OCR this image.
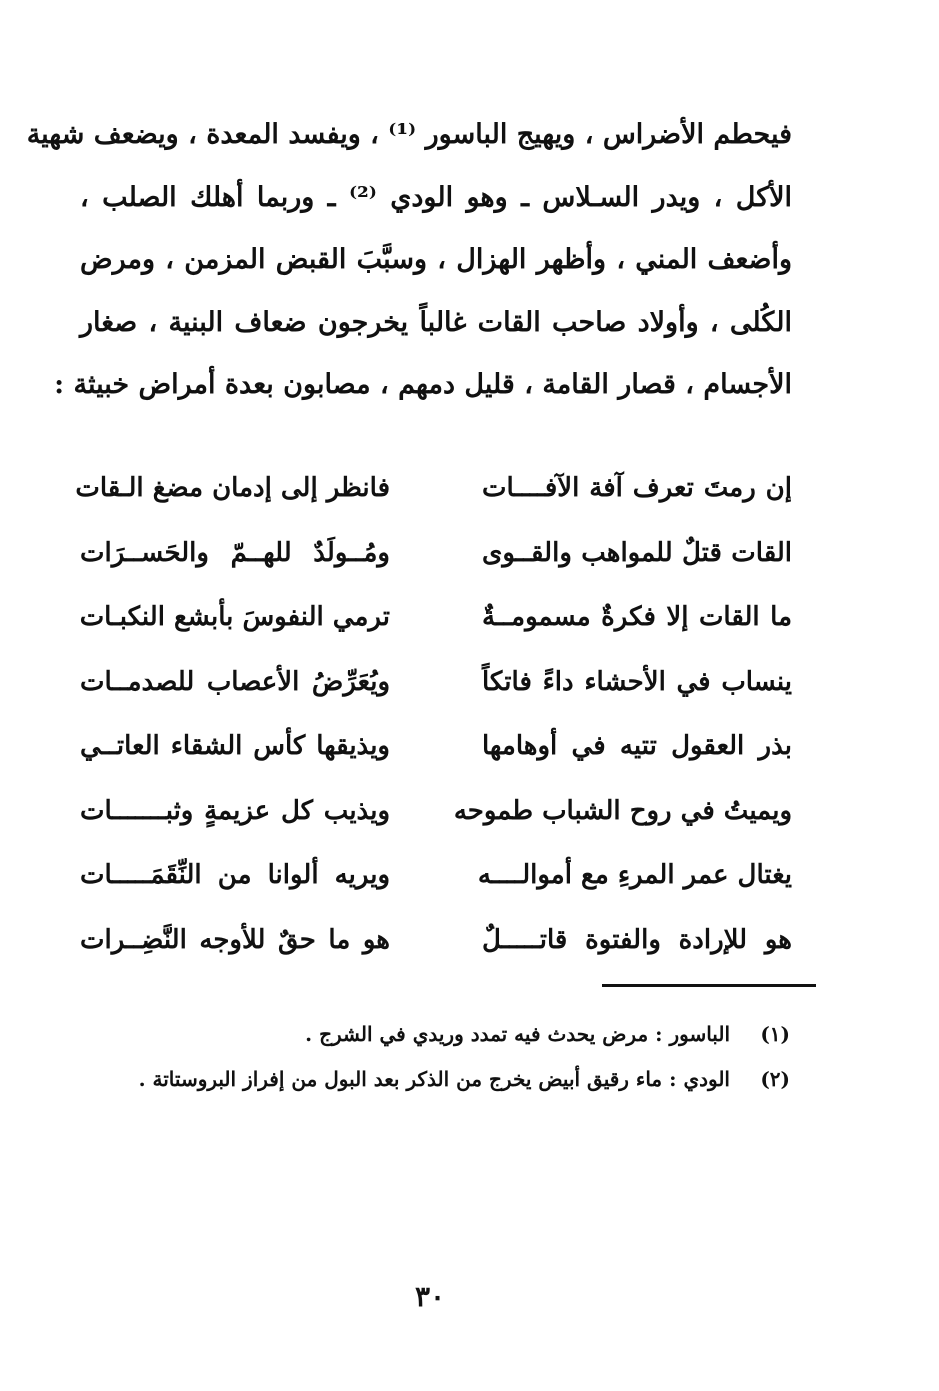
فيحطم الأضراس ، ويهيج الباسور ⁽¹⁾ ، ويفسد المعدة ، ويضعف شهية
الأكل ، ويدر السـلاس ـ وهو الودي ⁽²⁾ ـ وربما أهلك الصلب ،
وأضعف المني ، وأظهر الهزال ، وسبَّبَ القبض المزمن ، ومرض
الكُلى ، وأولاد صاحب القات غالباً يخرجون ضعاف البنية ، صغار
الأجسام ، قصار القامة ، قليل دمهم ، مصابون بعدة أمراض خبيثة :
إن رمتَ تعرف آفة الآفــــات
فانظر إلى إدمان مضغ الـقات
القات قتلٌ للمواهب والقــوى
ومُــولَدٌ للهــمّ والحَســرَات
ما القات إلا فكرةٌ مسمومــةٌ
ترمي النفوسَ بأبشع النكبـات
ينساب في الأحشاء داءً فاتكاً
ويُعَرِّضُ الأعصاب للصدمــات
بذر العقول تتيه في أوهامها
ويذيقها كأس الشقاء العاتــي
ويميتُ في روح الشباب طموحه
ويذيب كل عزيمةٍ وثبـــــــات
يغتال عمر المرءِ مع أموالــــه
ويريه ألوانا من النِّقَمَـــــات
هو للإرادة والفتوة قاتـــــلٌ
هو ما حقٌ للأوجه النَّضِــرات
(١)
الباسور : مرض يحدث فيه تمدد وريدي في الشرج .
(٢)
الودي : ماء رقيق أبيض يخرج من الذكر بعد البول من إفراز البروستاتة .
٣٠
